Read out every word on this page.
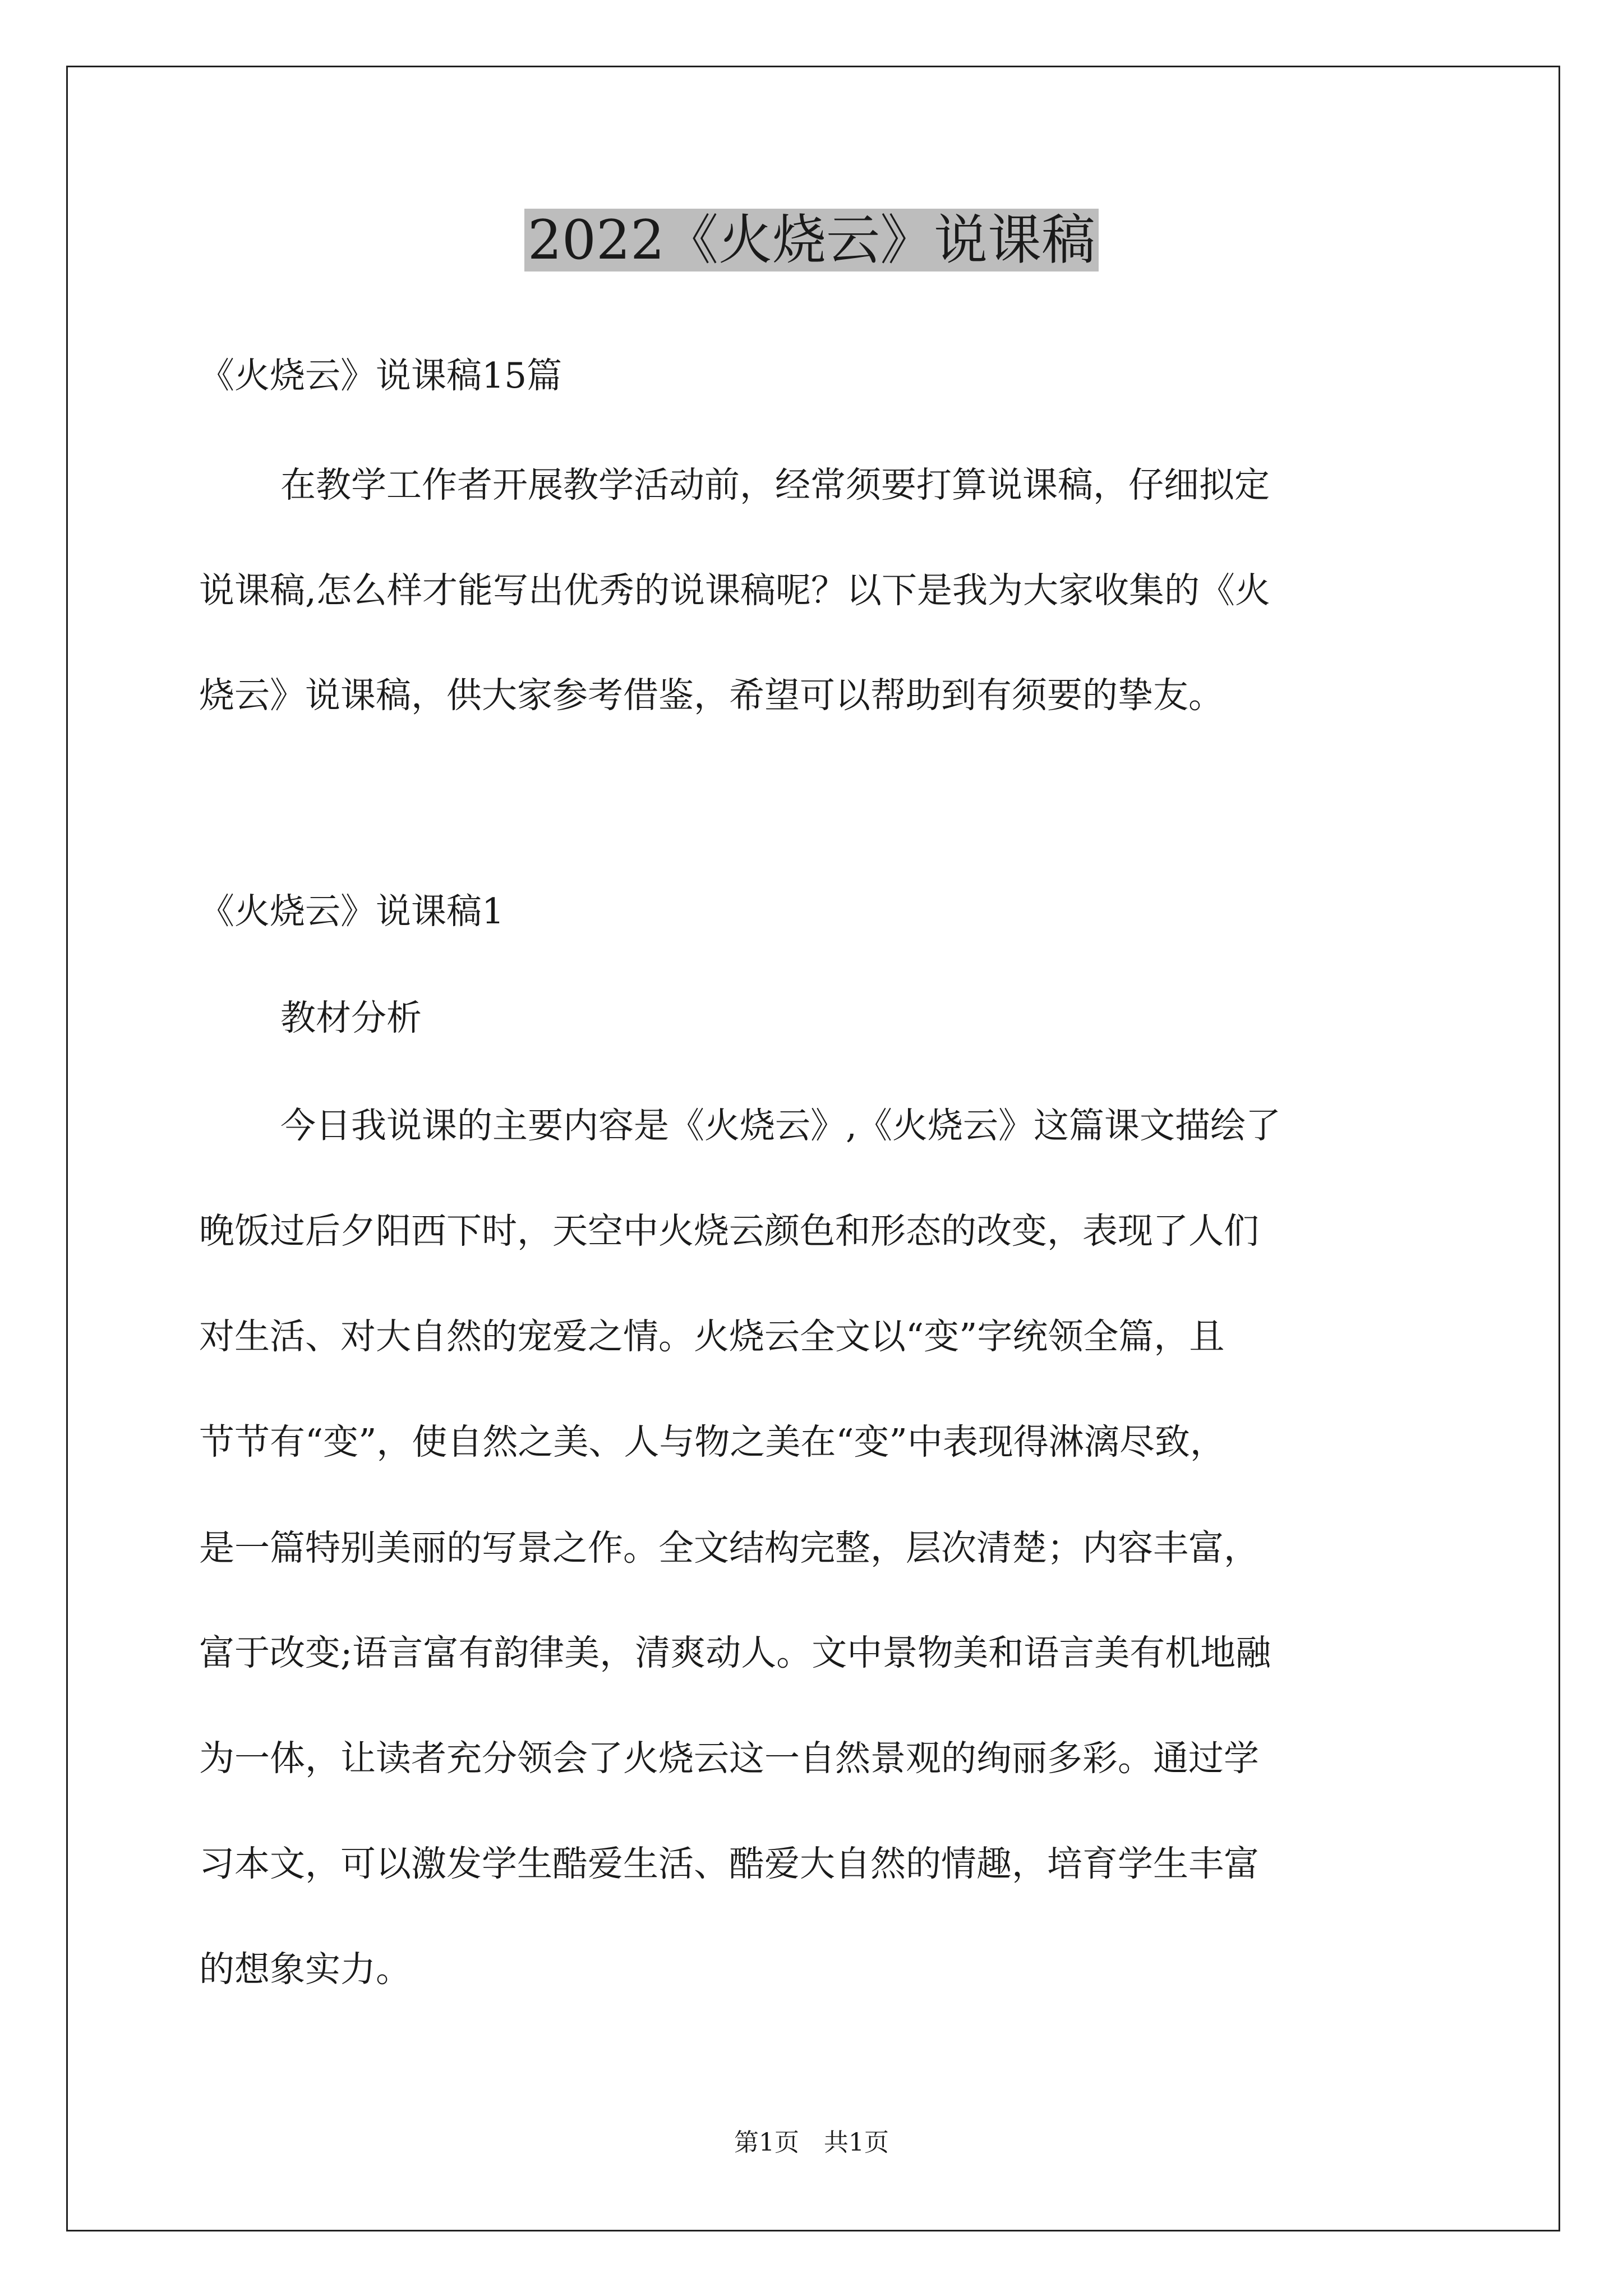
2022《火烧云》说课稿

《火烧云》说课稿15篇

在教学工作者开展教学活动前，经常须要打算说课稿，仔细拟定

说课稿,怎么样才能写出优秀的说课稿呢？以下是我为大家收集的《火

烧云》说课稿，供大家参考借鉴，希望可以帮助到有须要的挚友。

《火烧云》说课稿1

教材分析

今日我说课的主要内容是《火烧云》,《火烧云》这篇课文描绘了

晚饭过后夕阳西下时，天空中火烧云颜色和形态的改变，表现了人们

对生活、对大自然的宠爱之情。火烧云全文以“变”字统领全篇，且

节节有“变”，使自然之美、人与物之美在“变”中表现得淋漓尽致，

是一篇特别美丽的写景之作。全文结构完整，层次清楚；内容丰富，

富于改变;语言富有韵律美，清爽动人。文中景物美和语言美有机地融

为一体，让读者充分领会了火烧云这一自然景观的绚丽多彩。通过学

习本文，可以激发学生酷爱生活、酷爱大自然的情趣，培育学生丰富

的想象实力。

第1页　共1页
